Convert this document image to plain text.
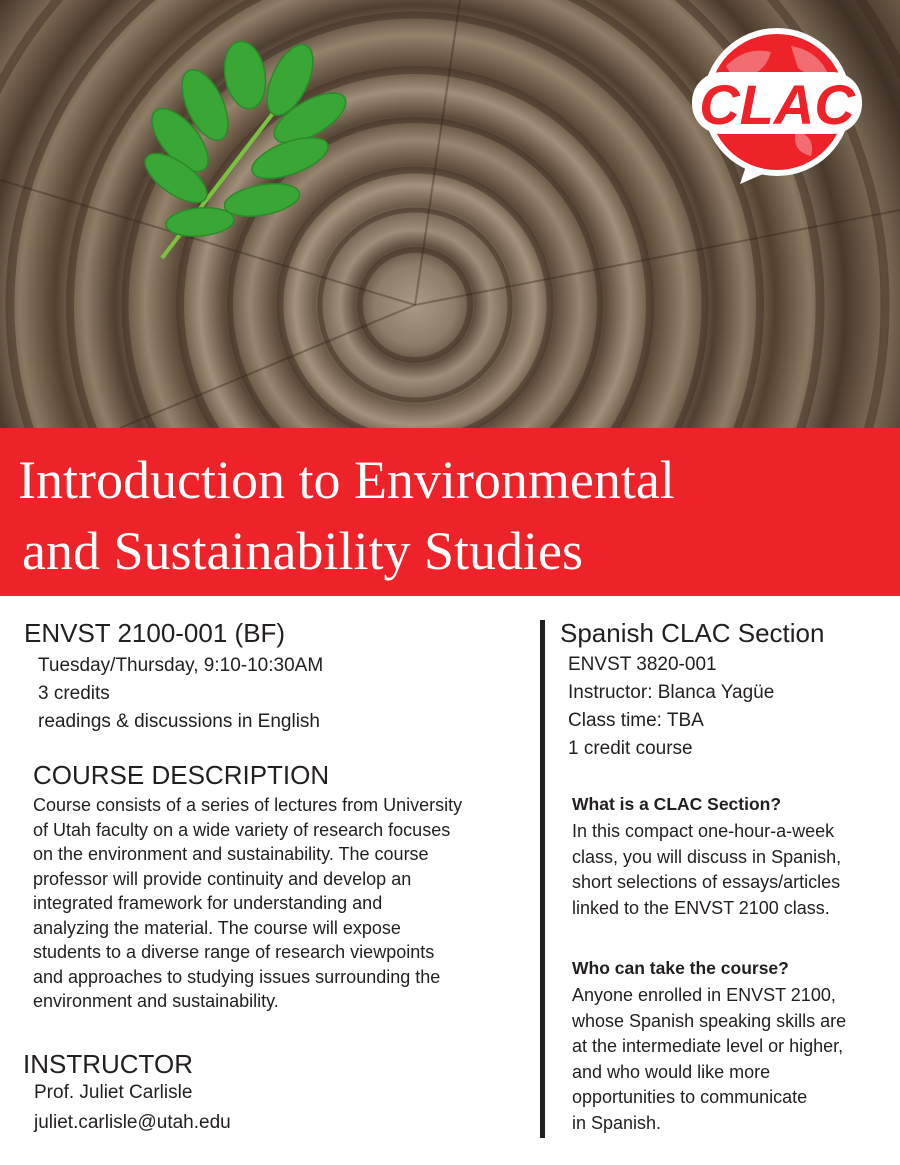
CLAC
Introduction to Environmental
and Sustainability Studies
ENVST 2100-001 (BF)
Tuesday/Thursday, 9:10-10:30AM
3 credits
readings & discussions in English
COURSE DESCRIPTION
Course consists of a series of lectures from University
of Utah faculty on a wide variety of research focuses
on the environment and sustainability. The course
professor will provide continuity and develop an
integrated framework for understanding and
analyzing the material. The course will expose
students to a diverse range of research viewpoints
and approaches to studying issues surrounding the
environment and sustainability.
INSTRUCTOR
Prof. Juliet Carlisle
juliet.carlisle@utah.edu
Spanish CLAC Section
ENVST 3820-001
Instructor: Blanca Yagüe
Class time: TBA
1 credit course
What is a CLAC Section?
In this compact one-hour-a-week
class, you will discuss in Spanish,
short selections of essays/articles
linked to the ENVST 2100 class.
Who can take the course?
Anyone enrolled in ENVST 2100,
whose Spanish speaking skills are
at the intermediate level or higher,
and who would like more
opportunities to communicate
in Spanish.
